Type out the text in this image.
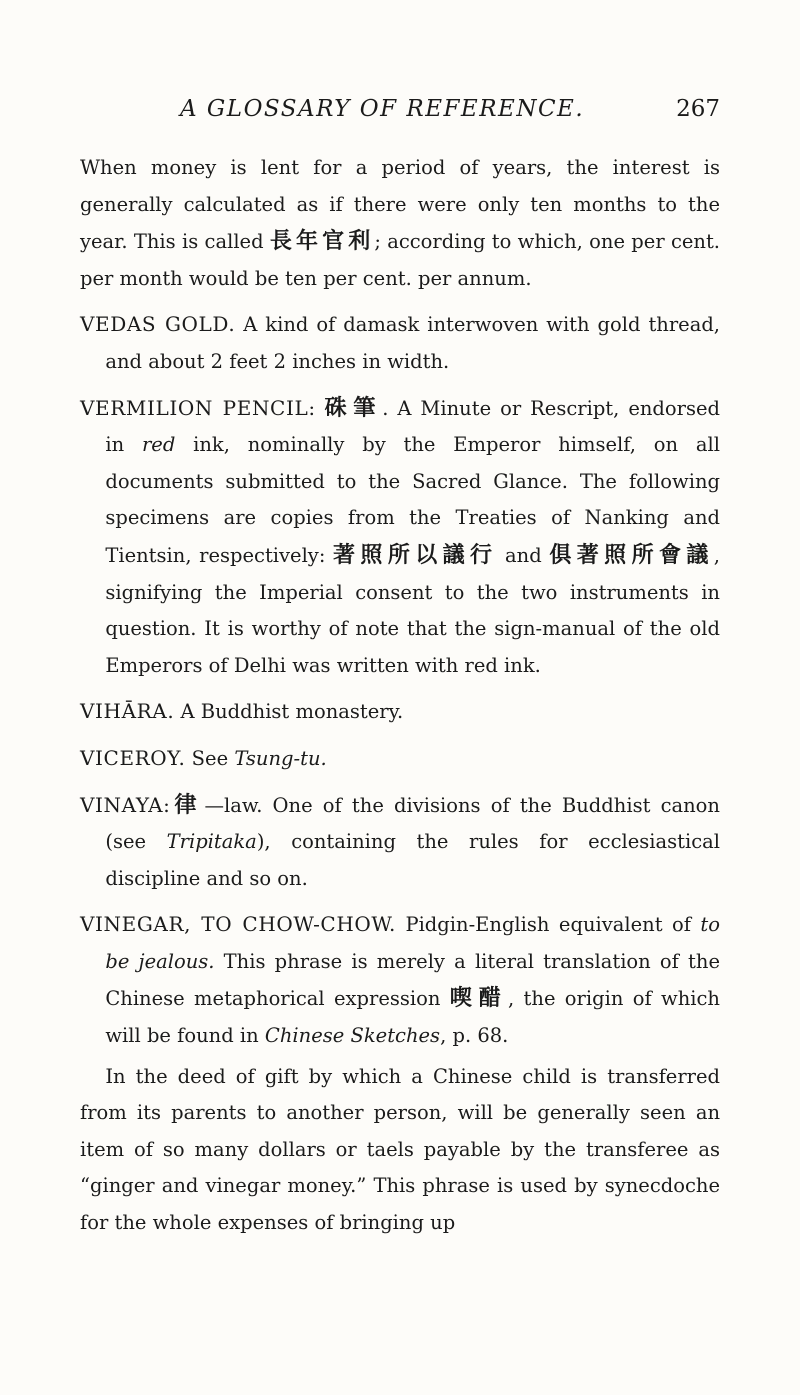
A GLOSSARY OF REFERENCE.	267

When money is lent for a period of years, the interest is generally calculated as if there were only ten months to the year. This is called 長年官利; according to which, one per cent. per month would be ten per cent. per annum.

VEDAS GOLD. A kind of damask interwoven with gold thread, and about 2 feet 2 inches in width.

VERMILION PENCIL: 硃筆. A Minute or Rescript, endorsed in red ink, nominally by the Emperor himself, on all documents submitted to the Sacred Glance. The following specimens are copies from the Treaties of Nanking and Tientsin, respectively: 著照所以議行 and 俱著照所會議, signifying the Imperial consent to the two instruments in question. It is worthy of note that the sign-manual of the old Emperors of Delhi was written with red ink.

VIHĀRA. A Buddhist monastery.

VICEROY. See Tsung-tu.

VINAYA:律—law. One of the divisions of the Buddhist canon (see Tripitaka), containing the rules for ecclesiastical discipline and so on.

VINEGAR, TO CHOW-CHOW. Pidgin-English equivalent of to be jealous. This phrase is merely a literal translation of the Chinese metaphorical expression 喫醋, the origin of which will be found in Chinese Sketches, p. 68.

In the deed of gift by which a Chinese child is transferred from its parents to another person, will be generally seen an item of so many dollars or taels payable by the transferee as “ginger and vinegar money.” This phrase is used by synecdoche for the whole expenses of bringing up
